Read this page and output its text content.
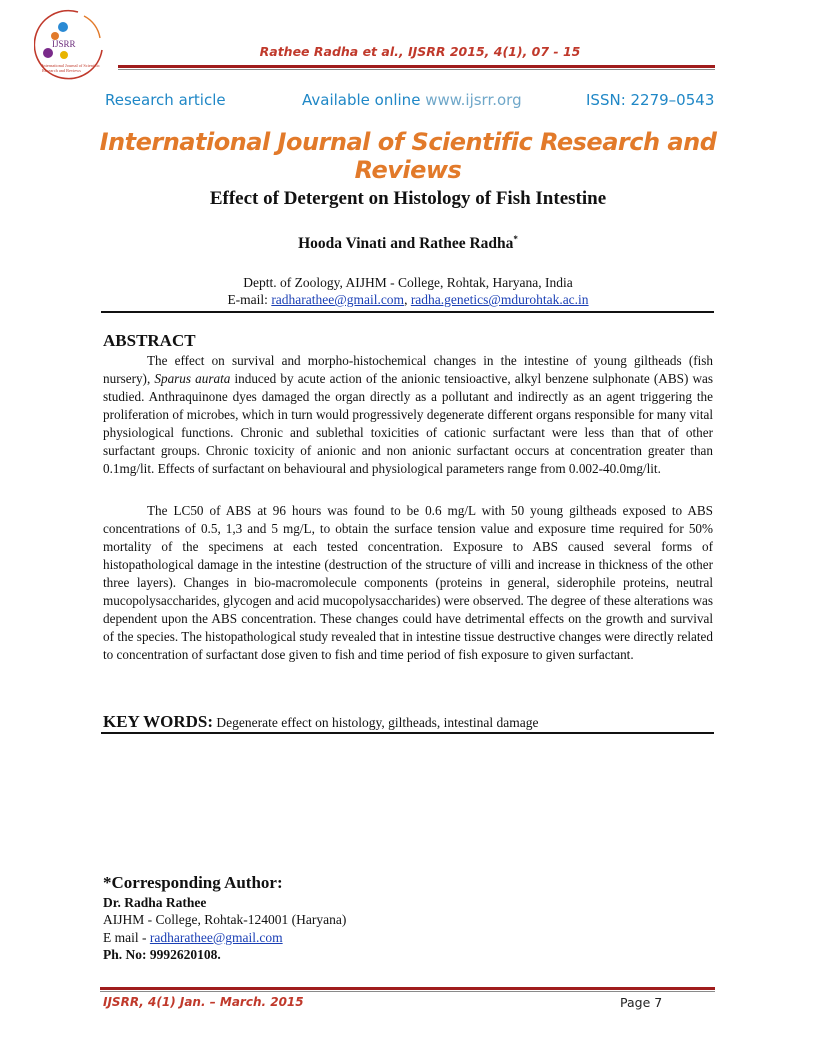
IJSRR
International Journal of Scientific Research and Reviews
Rathee Radha et al., IJSRR 2015, 4(1), 07 - 15
Research article	Available online www.ijsrr.org	ISSN: 2279–0543
International Journal of Scientific Research and Reviews
Effect of Detergent on Histology of Fish Intestine
Hooda Vinati and Rathee Radha*
Deptt. of Zoology, AIJHM - College, Rohtak, Haryana, India
E-mail: radharathee@gmail.com, radha.genetics@mdurohtak.ac.in
ABSTRACT
The effect on survival and morpho-histochemical changes in the intestine of young giltheads (fish nursery), Sparus aurata induced by acute action of the anionic tensioactive, alkyl benzene sulphonate (ABS) was studied. Anthraquinone dyes damaged the organ directly as a pollutant and indirectly as an agent triggering the proliferation of microbes, which in turn would progressively degenerate different organs responsible for many vital physiological functions. Chronic and sublethal toxicities of cationic surfactant were less than that of other surfactant groups. Chronic toxicity of anionic and non anionic surfactant occurs at concentration greater than 0.1mg/lit. Effects of surfactant on behavioural and physiological parameters range from 0.002-40.0mg/lit.
The LC50 of ABS at 96 hours was found to be 0.6 mg/L with 50 young giltheads exposed to ABS concentrations of 0.5, 1,3 and 5 mg/L, to obtain the surface tension value and exposure time required for 50% mortality of the specimens at each tested concentration. Exposure to ABS caused several forms of histopathological damage in the intestine (destruction of the structure of villi and increase in thickness of the other three layers). Changes in bio-macromolecule components (proteins in general, siderophile proteins, neutral mucopolysaccharides, glycogen and acid mucopolysaccharides) were observed. The degree of these alterations was dependent upon the ABS concentration. These changes could have detrimental effects on the growth and survival of the species. The histopathological study revealed that in intestine tissue destructive changes were directly related to concentration of surfactant dose given to fish and time period of fish exposure to given surfactant.
KEY WORDS: Degenerate effect on histology, giltheads, intestinal damage
*Corresponding Author:
Dr. Radha Rathee
AIJHM - College, Rohtak-124001 (Haryana)
E mail - radharathee@gmail.com
Ph. No: 9992620108.
IJSRR, 4(1) Jan. – March. 2015	Page 7
